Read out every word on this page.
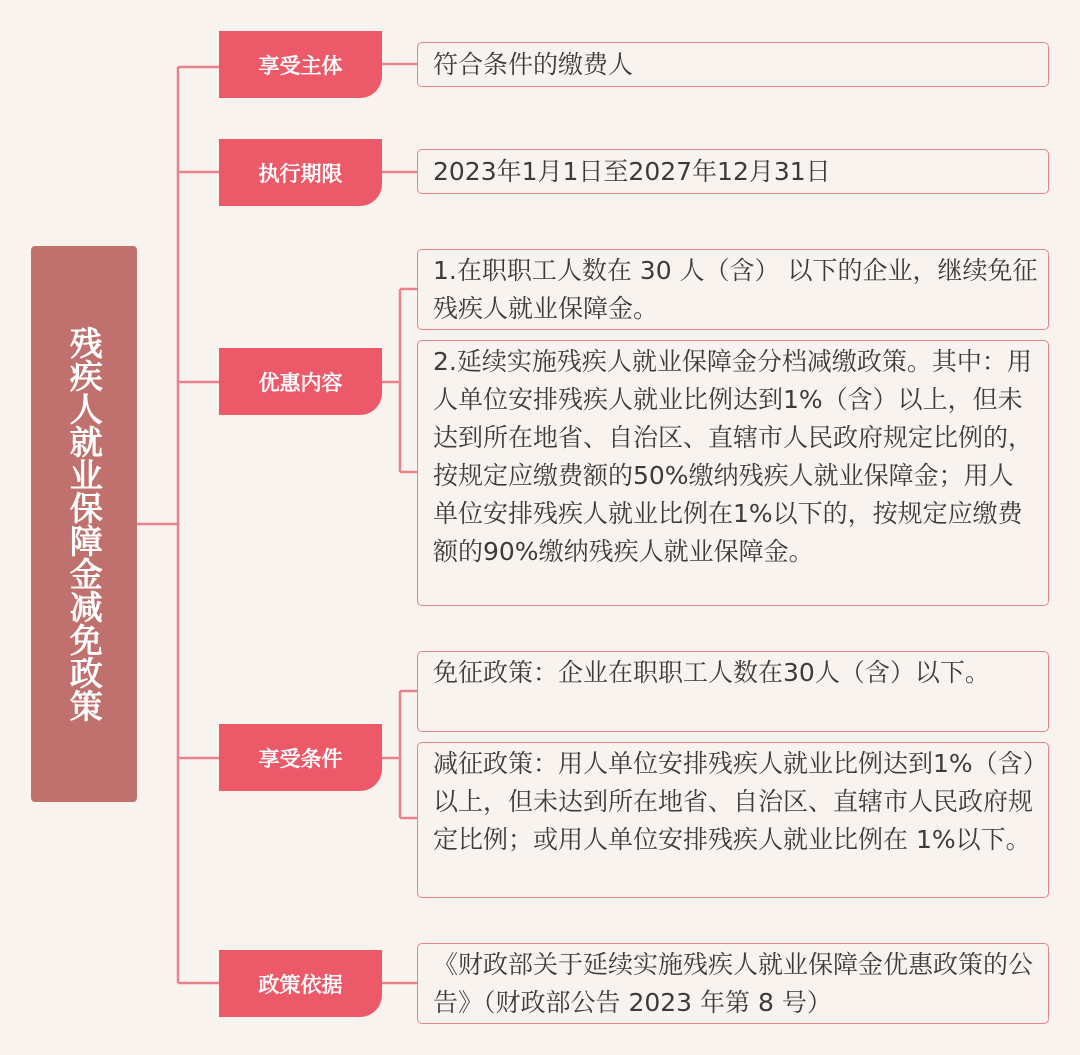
残疾人就业保障金减免政策
享受主体
执行期限
优惠内容
享受条件
政策依据
符合条件的缴费人
2023年1月1日至2027年12月31日
1.在职职工人数在 30 人（含） 以下的企业，继续免征残疾人就业保障金。
2.延续实施残疾人就业保障金分档减缴政策。其中：用人单位安排残疾人就业比例达到1%（含）以上，但未达到所在地省、自治区、直辖市人民政府规定比例的，按规定应缴费额的50%缴纳残疾人就业保障金；用人单位安排残疾人就业比例在1%以下的，按规定应缴费额的90%缴纳残疾人就业保障金。
免征政策：企业在职职工人数在30人（含）以下。
减征政策：用人单位安排残疾人就业比例达到1%（含）以上，但未达到所在地省、自治区、直辖市人民政府规定比例；或用人单位安排残疾人就业比例在 1%以下。
《财政部关于延续实施残疾人就业保障金优惠政策的公告》（财政部公告 2023 年第 8 号）
